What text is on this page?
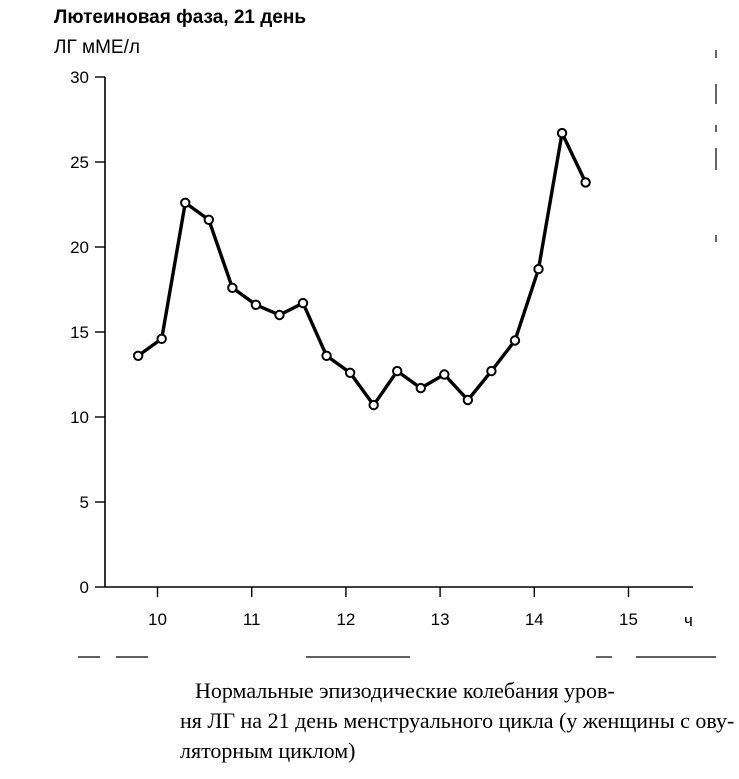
Лютеиновая фаза, 21 день
ЛГ мМЕ/л
ч
0
5
10
15
20
25
30
10	11	12	13	14	15
Нормальные эпизодические колебания уров-
ня ЛГ на 21 день менструального цикла (у женщины с ову-
ляторным циклом)
